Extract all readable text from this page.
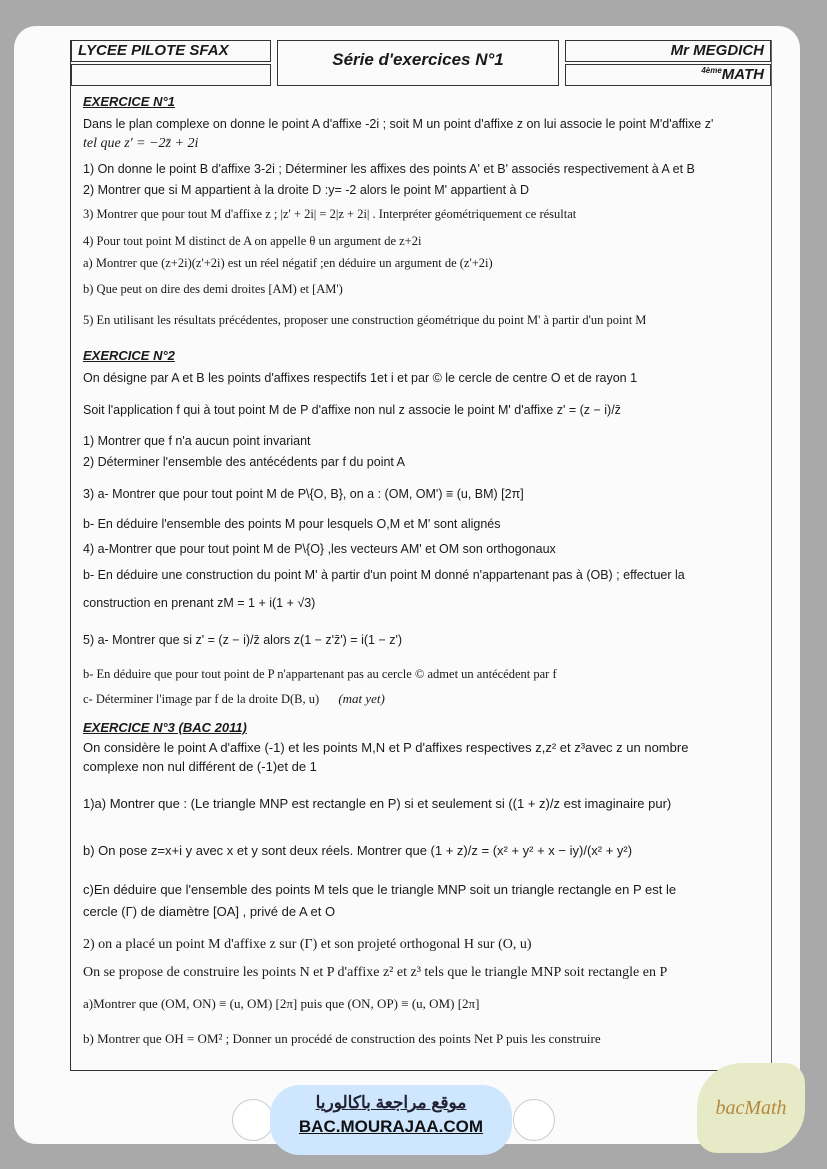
LYCEE PILOTE SFAX	Série d'exercices N°1	Mr MEGDICH
$^{4ème}$MATH
EXERCICE N°1
Dans le plan complexe on donne le point A d'affixe -2i ; soit M un point d'affixe z on lui associe le point M'd'affixe z'
tel que z' = −2z̄ + 2i
1) On donne le point B d'affixe 3-2i ; Déterminer les affixes des points A' et B' associés respectivement à A et B
2) Montrer que si M appartient à la droite D :y= -2 alors le point M' appartient à D
3) Montrer que pour tout M d'affixe z ; |z' + 2i| = 2|z + 2i| . Interpréter géométriquement ce résultat
4) Pour tout point M distinct de A on appelle θ un argument de z+2i
a) Montrer que (z+2i)(z'+2i) est un réel négatif ;en déduire un argument de (z'+2i)
b) Que peut on dire des demi droites [AM) et [AM')
5) En utilisant les résultats précédentes, proposer une construction géométrique du point M' à partir d'un point M
EXERCICE N°2
On désigne par A et B les points d'affixes respectifs 1et i et par © le cercle de centre O et de rayon 1
Soit l'application f qui à tout point M de P d'affixe non nul z associe le point M' d'affixe z' = (z − i)/z̄
1) Montrer que f n'a aucun point invariant
2) Déterminer l'ensemble des antécédents par f du point A
3) a- Montrer que pour tout point M de P\{O, B}, on a : (OM, OM') ≡ (u, BM) [2π]
b- En déduire l'ensemble des points M pour lesquels O,M et M' sont alignés
4) a-Montrer que pour tout point M de P\{O} ,les vecteurs AM' et OM son orthogonaux
b- En déduire une construction du point M' à partir d'un point M donné n'appartenant pas à (OB) ; effectuer la
construction en prenant zM = 1 + i(1 + √3)
5) a- Montrer que si z' = (z − i)/z̄ alors z(1 − z'z̄') = i(1 − z')
b- En déduire que pour tout point de P n'appartenant pas au cercle © admet un antécédent par f
c- Déterminer l'image par f de la droite D(B, u) (mat yet)
EXERCICE N°3 (BAC 2011)
On considère le point A d'affixe (-1) et les points M,N et P d'affixes respectives z,z² et z³avec z un nombre
complexe non nul différent de (-1)et de 1
1)a) Montrer que : (Le triangle MNP est rectangle en P) si et seulement si ((1 + z)/z est imaginaire pur)
b) On pose z=x+i y avec x et y sont deux réels. Montrer que (1 + z)/z = (x² + y² + x − iy)/(x² + y²)
c)En déduire que l'ensemble des points M tels que le triangle MNP soit un triangle rectangle en P est le
cercle (Γ) de diamètre [OA] , privé de A et O
2) on a placé un point M d'affixe z sur (Γ) et son projeté orthogonal H sur (O, u)
On se propose de construire les points N et P d'affixe z² et z³ tels que le triangle MNP soit rectangle en P
a)Montrer que (OM, ON) ≡ (u, OM) [2π] puis que (ON, OP) ≡ (u, OM) [2π]
b) Montrer que OH = OM² ; Donner un procédé de construction des points Net P puis les construire
موقع مراجعة باكالوريا
BAC.MOURAJAA.COM
bacMath
